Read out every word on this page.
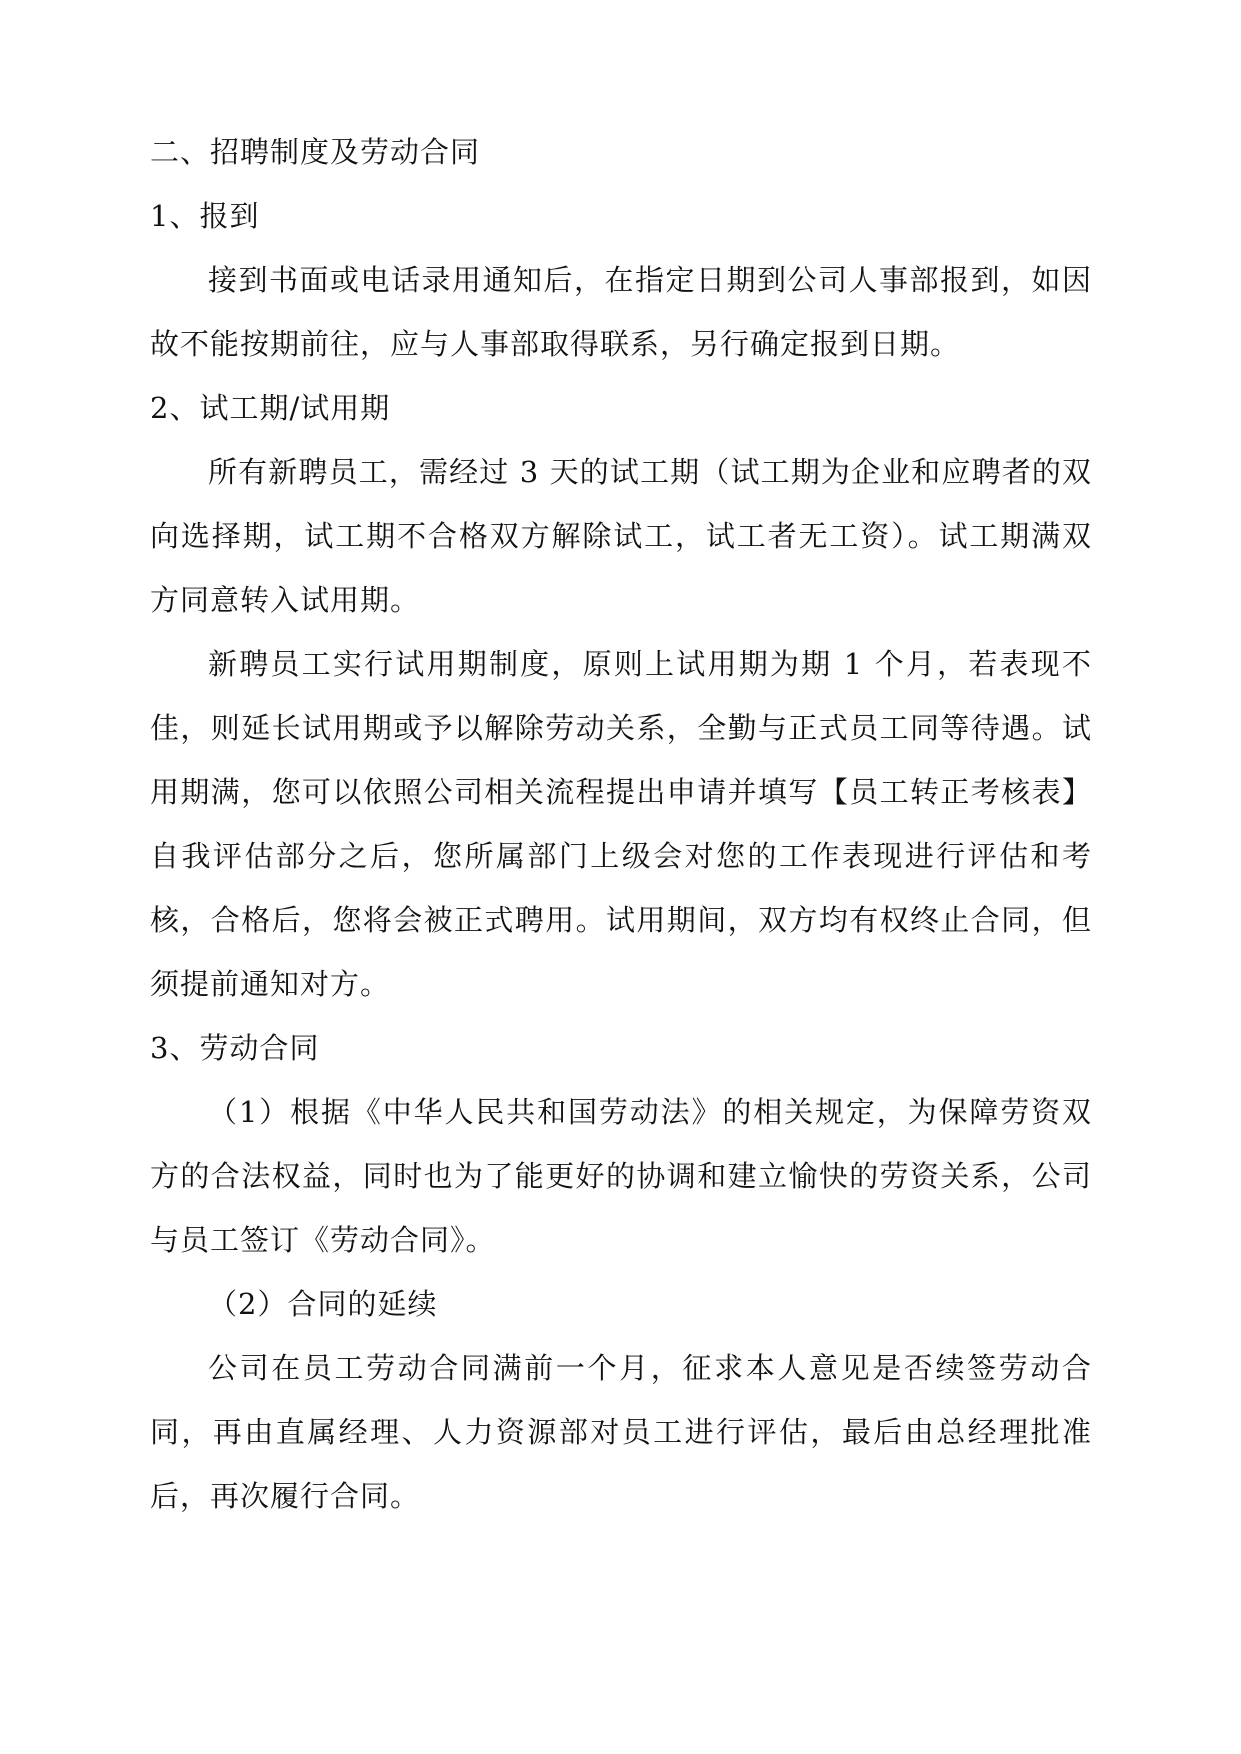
二、招聘制度及劳动合同

1、报到

接到书面或电话录用通知后，在指定日期到公司人事部报到，如因故不能按期前往，应与人事部取得联系，另行确定报到日期。

2、试工期/试用期

所有新聘员工，需经过 3 天的试工期（试工期为企业和应聘者的双向选择期，试工期不合格双方解除试工，试工者无工资）。试工期满双方同意转入试用期。

新聘员工实行试用期制度，原则上试用期为期 1 个月，若表现不佳，则延长试用期或予以解除劳动关系，全勤与正式员工同等待遇。试用期满，您可以依照公司相关流程提出申请并填写【员工转正考核表】自我评估部分之后，您所属部门上级会对您的工作表现进行评估和考核，合格后，您将会被正式聘用。试用期间，双方均有权终止合同，但须提前通知对方。

3、劳动合同

（1）根据《中华人民共和国劳动法》的相关规定，为保障劳资双方的合法权益，同时也为了能更好的协调和建立愉快的劳资关系，公司与员工签订《劳动合同》。

（2）合同的延续

公司在员工劳动合同满前一个月，征求本人意见是否续签劳动合同，再由直属经理、人力资源部对员工进行评估，最后由总经理批准后，再次履行合同。
